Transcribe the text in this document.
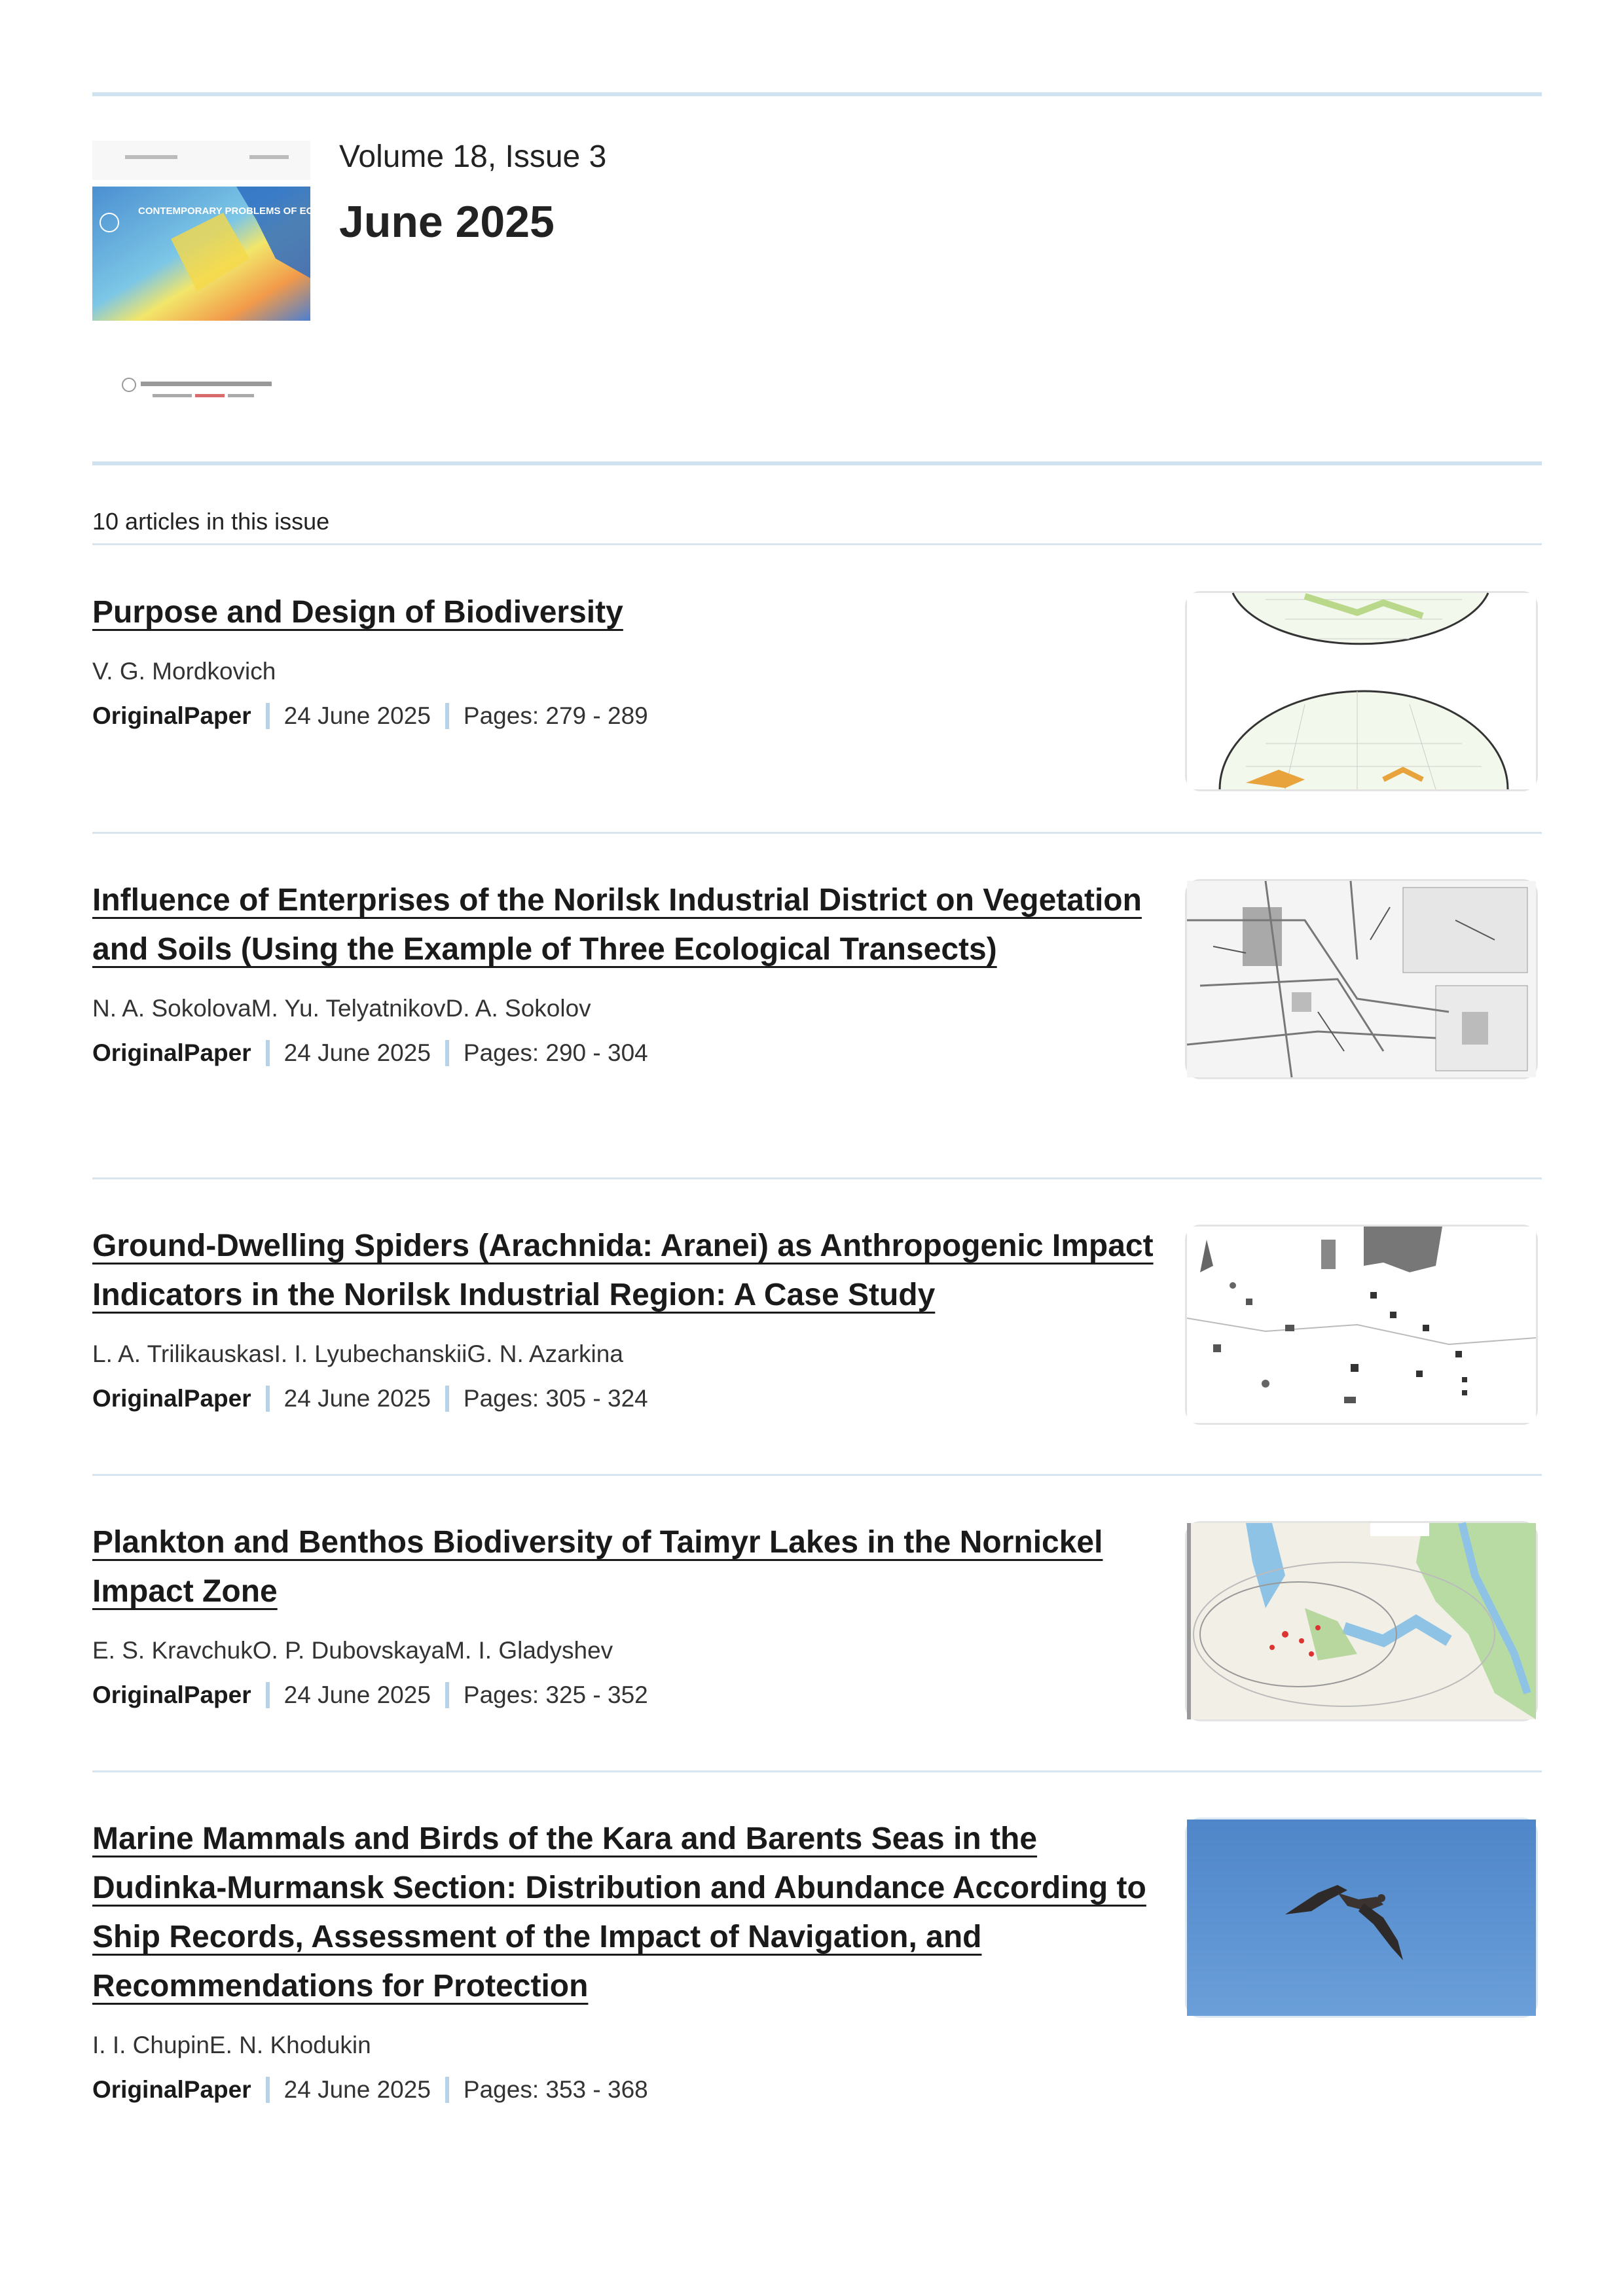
CONTEMPORARY PROBLEMS OF ECOLOGY
Volume 18, Issue 3
June 2025
10 articles in this issue
Purpose and Design of Biodiversity
V. G. Mordkovich
OriginalPaper 24 June 2025 Pages: 279 - 289
Influence of Enterprises of the Norilsk Industrial District on Vegetation and Soils (Using the Example of Three Ecological Transects)
N. A. SokolovaM. Yu. TelyatnikovD. A. Sokolov
OriginalPaper 24 June 2025 Pages: 290 - 304
Ground-Dwelling Spiders (Arachnida: Aranei) as Anthropogenic Impact Indicators in the Norilsk Industrial Region: A Case Study
L. A. TrilikauskasI. I. LyubechanskiiG. N. Azarkina
OriginalPaper 24 June 2025 Pages: 305 - 324
Plankton and Benthos Biodiversity of Taimyr Lakes in the Nornickel Impact Zone
E. S. KravchukO. P. DubovskayaM. I. Gladyshev
OriginalPaper 24 June 2025 Pages: 325 - 352
Marine Mammals and Birds of the Kara and Barents Seas in the Dudinka-Murmansk Section: Distribution and Abundance According to Ship Records, Assessment of the Impact of Navigation, and Recommendations for Protection
I. I. ChupinE. N. Khodukin
OriginalPaper 24 June 2025 Pages: 353 - 368
